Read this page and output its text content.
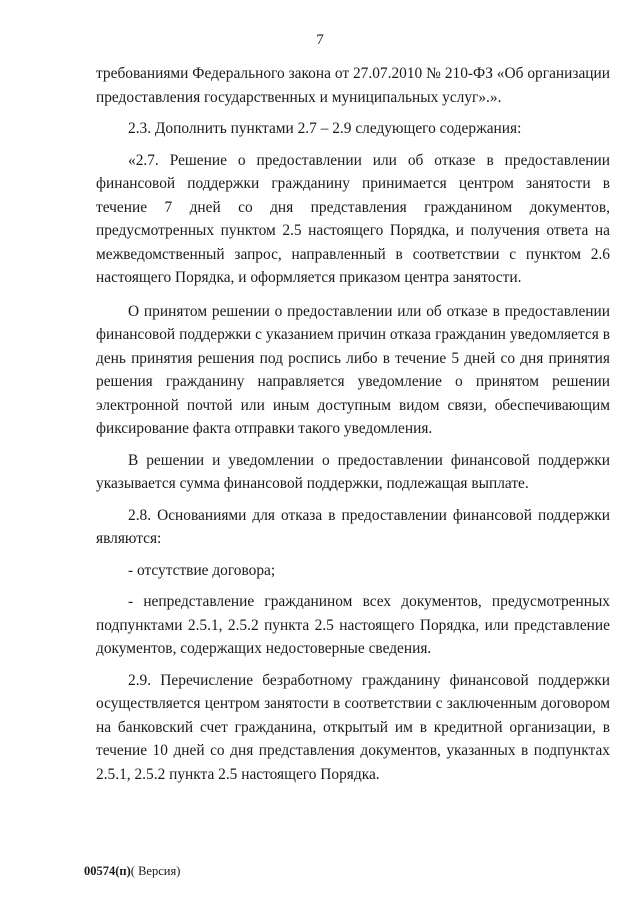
7

требованиями Федерального закона от 27.07.2010 № 210-ФЗ «Об организации предоставления государственных и муниципальных услуг».».

2.3. Дополнить пунктами 2.7 – 2.9 следующего содержания:

«2.7. Решение о предоставлении или об отказе в предоставлении финансовой поддержки гражданину принимается центром занятости в течение 7 дней со дня представления гражданином документов, предусмотренных пунктом 2.5 настоящего Порядка, и получения ответа на межведомственный запрос, направленный в соответствии с пунктом 2.6 настоящего Порядка, и оформляется приказом центра занятости.

О принятом решении о предоставлении или об отказе в предоставлении финансовой поддержки с указанием причин отказа гражданин уведомляется в день принятия решения под роспись либо в течение 5 дней со дня принятия решения гражданину направляется уведомление о принятом решении электронной почтой или иным доступным видом связи, обеспечивающим фиксирование факта отправки такого уведомления.

В решении и уведомлении о предоставлении финансовой поддержки указывается сумма финансовой поддержки, подлежащая выплате.

2.8. Основаниями для отказа в предоставлении финансовой поддержки являются:

- отсутствие договора;

- непредставление гражданином всех документов, предусмотренных подпунктами 2.5.1, 2.5.2 пункта 2.5 настоящего Порядка, или представление документов, содержащих недостоверные сведения.

2.9. Перечисление безработному гражданину финансовой поддержки осуществляется центром занятости в соответствии с заключенным договором на банковский счет гражданина, открытый им в кредитной организации, в течение 10 дней со дня представления документов, указанных в подпунктах 2.5.1, 2.5.2 пункта 2.5 настоящего Порядка.

00574(п)( Версия)
